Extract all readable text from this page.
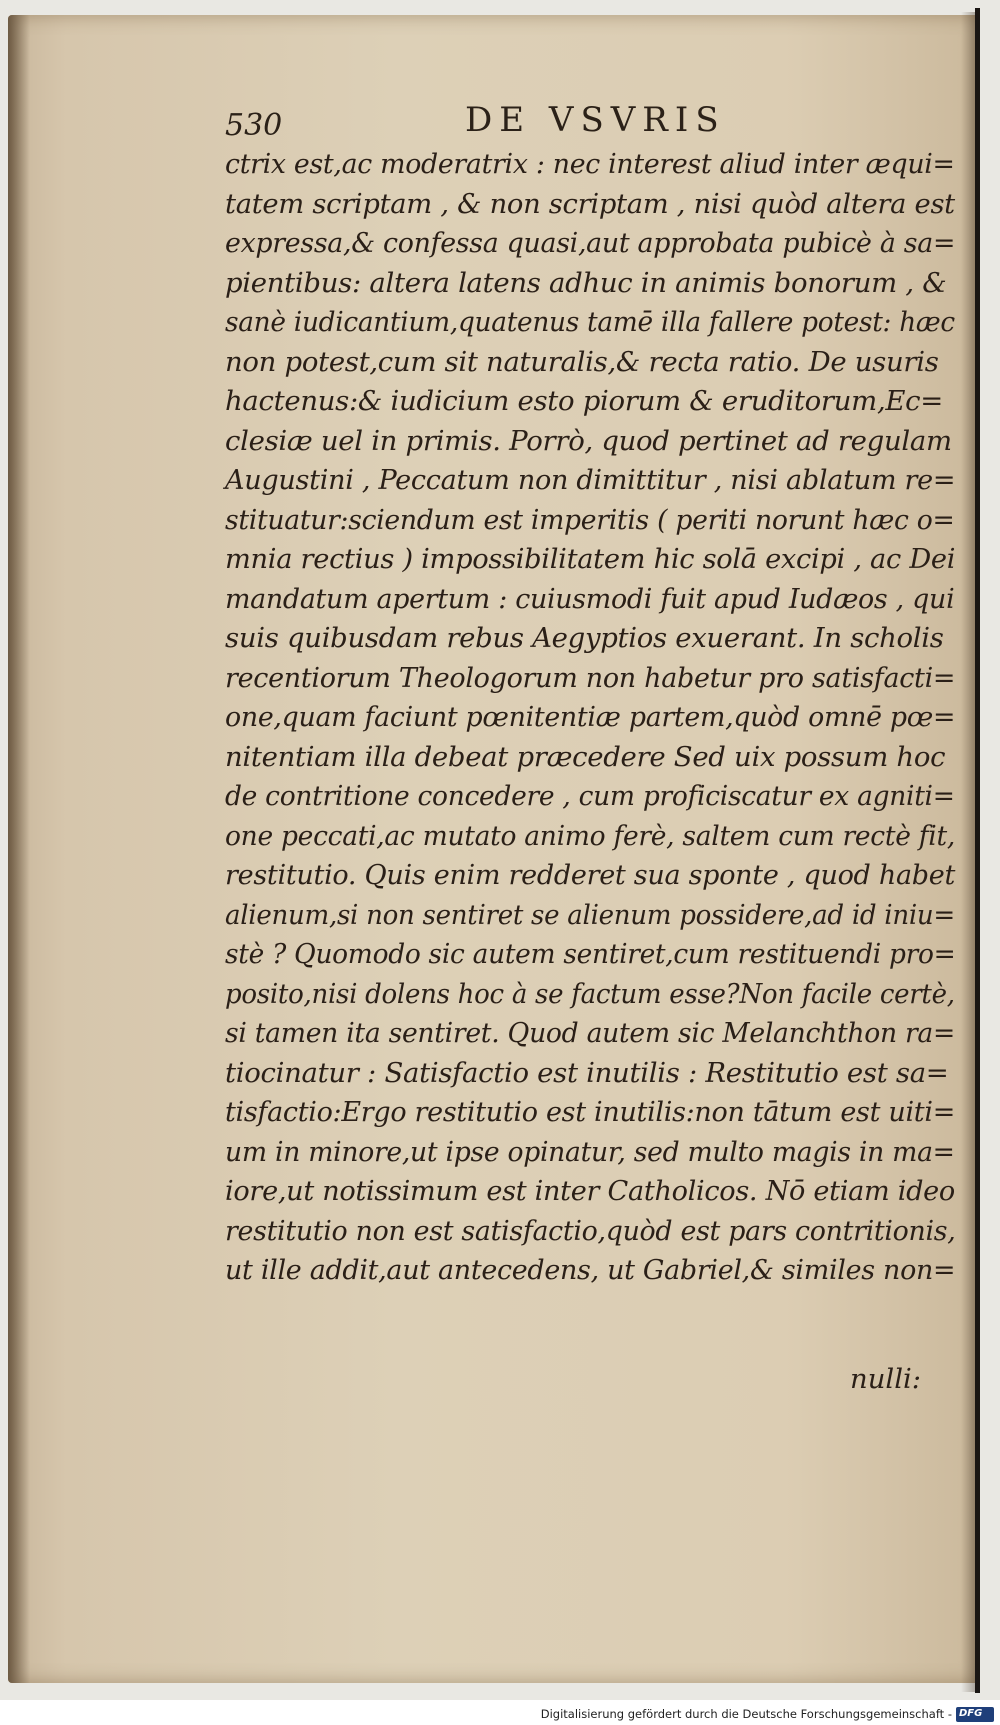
530	DE VSVRIS
ctrix est,ac moderatrix : nec interest aliud inter æqui=
tatem scriptam , & non scriptam , nisi quòd altera est
expressa,& confessa quasi,aut approbata pubicè à sa=
pientibus: altera latens adhuc in animis bonorum , &
sanè iudicantium,quatenus tamē illa fallere potest: hæc
non potest,cum sit naturalis,& recta ratio. De usuris
hactenus:& iudicium esto piorum & eruditorum,Ec=
clesiæ uel in primis. Porrò, quod pertinet ad regulam
Augustini , Peccatum non dimittitur , nisi ablatum re=
stituatur:sciendum est imperitis ( periti norunt hæc o=
mnia rectius ) impossibilitatem hic solā excipi , ac Dei
mandatum apertum : cuiusmodi fuit apud Iudæos , qui
suis quibusdam rebus Aegyptios exuerant. In scholis
recentiorum Theologorum non habetur pro satisfacti=
one,quam faciunt pœnitentiæ partem,quòd omnē pœ=
nitentiam illa debeat præcedere Sed uix possum hoc
de contritione concedere , cum proficiscatur ex agniti=
one peccati,ac mutato animo ferè, saltem cum rectè fit,
restitutio. Quis enim redderet sua sponte , quod habet
alienum,si non sentiret se alienum possidere,ad id iniu=
stè ? Quomodo sic autem sentiret,cum restituendi pro=
posito,nisi dolens hoc à se factum esse?Non facile certè,
si tamen ita sentiret. Quod autem sic Melanchthon ra=
tiocinatur : Satisfactio est inutilis : Restitutio est sa=
tisfactio:Ergo restitutio est inutilis:non tātum est uiti=
um in minore,ut ipse opinatur, sed multo magis in ma=
iore,ut notissimum est inter Catholicos. Nō etiam ideo
restitutio non est satisfactio,quòd est pars contritionis,
ut ille addit,aut antecedens, ut Gabriel,& similes non=
nulli:
Digitalisierung gefördert durch die Deutsche Forschungsgemeinschaft - DFG
